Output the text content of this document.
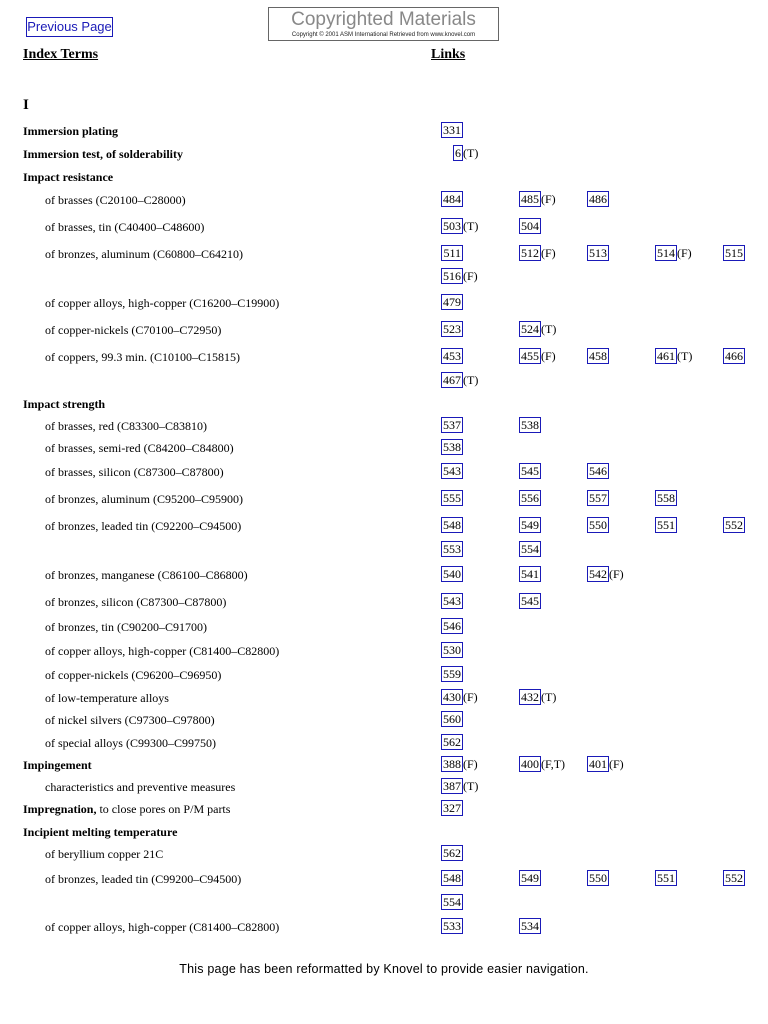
Previous Page	Copyrighted Materials
Copyright © 2001 ASM International Retrieved from www.knovel.com
Index Terms	Links
I
Immersion plating	331
Immersion test, of solderability	6 (T)
Impact resistance
of brasses (C20100–C28000)	484	485 (F)	486
of brasses, tin (C40400–C48600)	503 (T)	504
of bronzes, aluminum (C60800–C64210)	511	512 (F)	513	514 (F)	515
516 (F)
of copper alloys, high-copper (C16200–C19900)	479
of copper-nickels (C70100–C72950)	523	524 (T)
of coppers, 99.3 min. (C10100–C15815)	453	455 (F)	458	461 (T)	466
467 (T)
Impact strength
of brasses, red (C83300–C83810)	537	538
of brasses, semi-red (C84200–C84800)	538
of brasses, silicon (C87300–C87800)	543	545	546
of bronzes, aluminum (C95200–C95900)	555	556	557	558
of bronzes, leaded tin (C92200–C94500)	548	549	550	551	552
553	554
of bronzes, manganese (C86100–C86800)	540	541	542 (F)
of bronzes, silicon (C87300–C87800)	543	545
of bronzes, tin (C90200–C91700)	546
of copper alloys, high-copper (C81400–C82800)	530
of copper-nickels (C96200–C96950)	559
of low-temperature alloys	430 (F)	432 (T)
of nickel silvers (C97300–C97800)	560
of special alloys (C99300–C99750)	562
Impingement	388 (F)	400 (F,T) 401 (F)
characteristics and preventive measures	387 (T)
Impregnation, to close pores on P/M parts	327
Incipient melting temperature
of beryllium copper 21C	562
of bronzes, leaded tin (C99200–C94500)	548	549	550	551	552
554
of copper alloys, high-copper (C81400–C82800)	533	534
This page has been reformatted by Knovel to provide easier navigation.
